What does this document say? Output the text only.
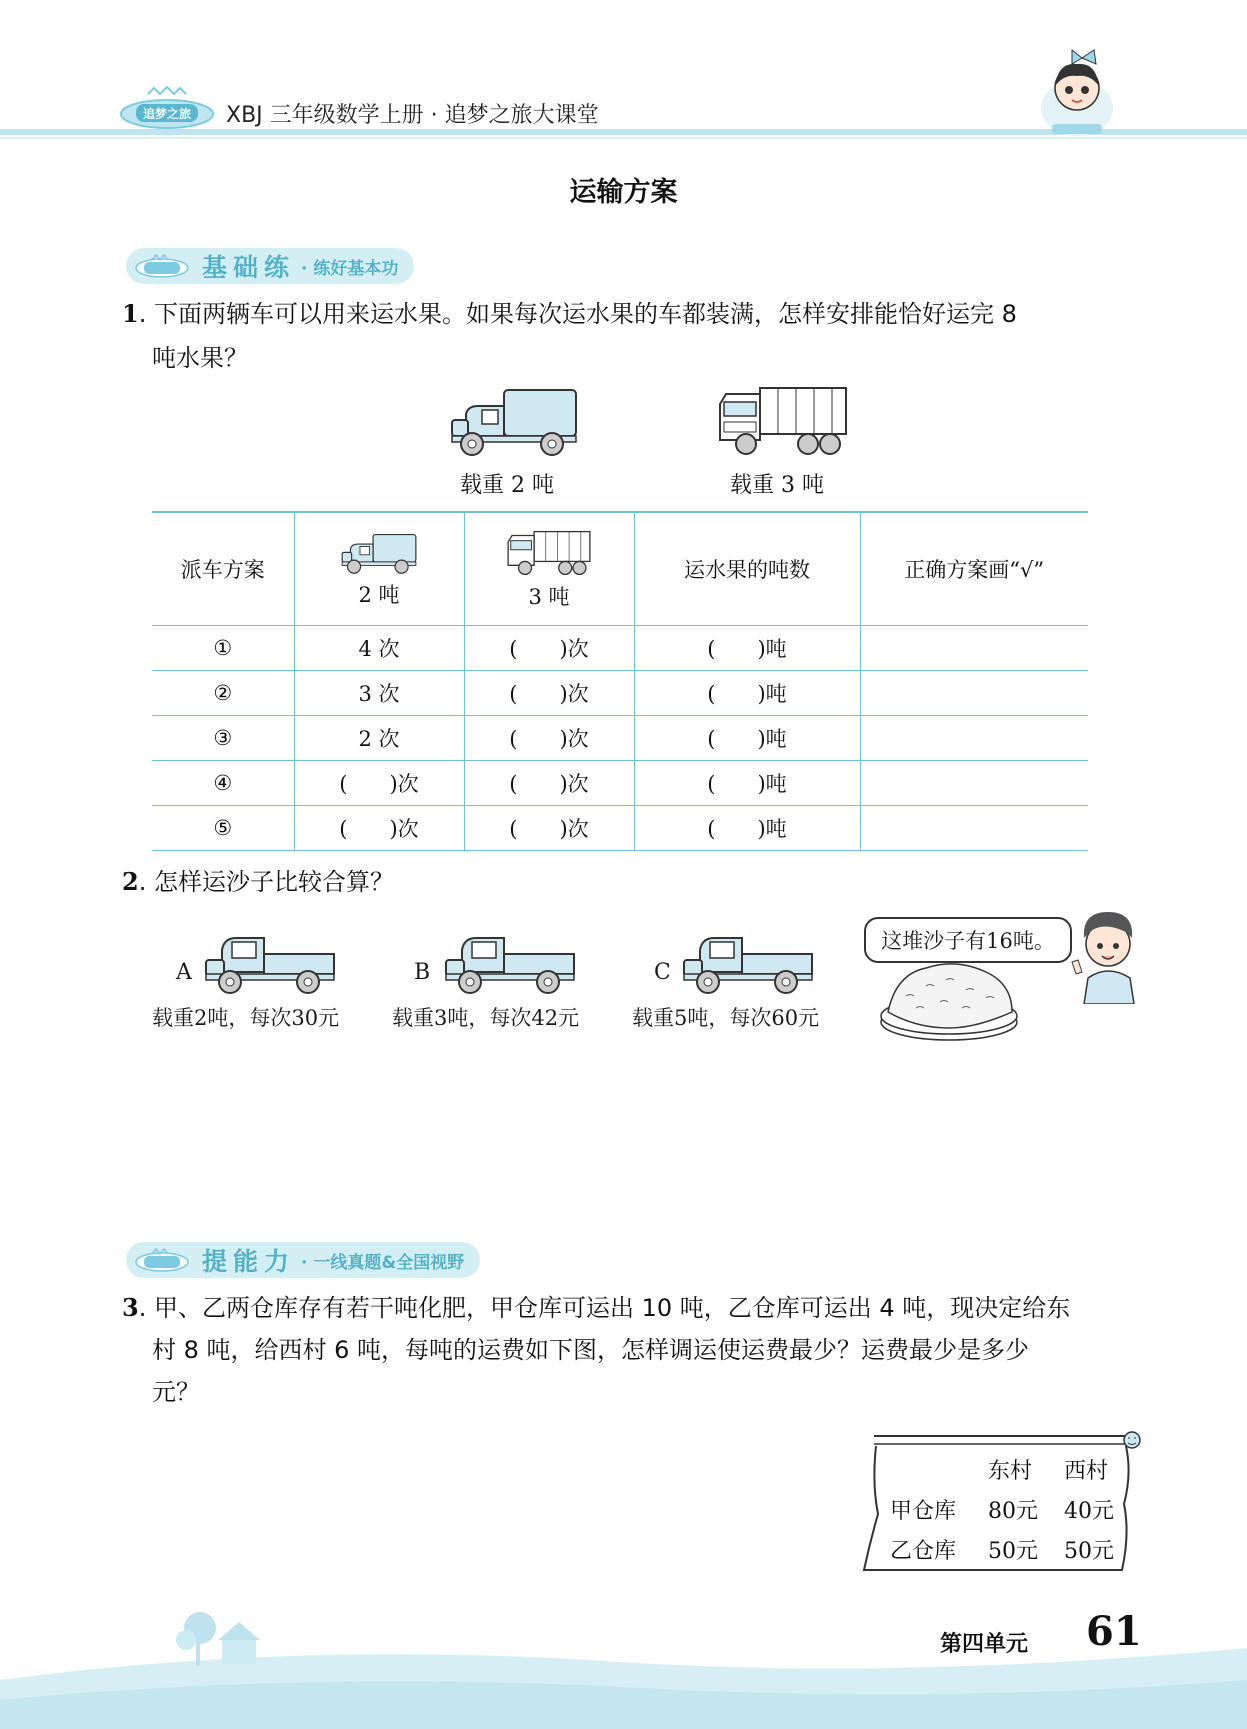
追梦之旅 XBJ 三年级数学上册 · 追梦之旅大课堂
运输方案
基础练 · 练好基本功
1. 下面两辆车可以用来运水果。如果每次运水果的车都装满，怎样安排能恰好运完 8
吨水果？
载重 2 吨	载重 3 吨
派车方案	2 吨	3 吨	运水果的吨数	正确方案画“√”
①	4 次	(　　)次	(　　)吨	
②	3 次	(　　)次	(　　)吨	
③	2 次	(　　)次	(　　)吨	
④	(　　)次	(　　)次	(　　)吨	
⑤	(　　)次	(　　)次	(　　)吨	
2. 怎样运沙子比较合算？
A	B	C
载重2吨，每次30元	载重3吨，每次42元	载重5吨，每次60元
这堆沙子有16吨。
提能力 · 一线真题&全国视野
3. 甲、乙两仓库存有若干吨化肥，甲仓库可运出 10 吨，乙仓库可运出 4 吨，现决定给东
村 8 吨，给西村 6 吨，每吨的运费如下图，怎样调运使运费最少？运费最少是多少
元？
东村 西村
甲仓库 80元 40元
乙仓库 50元 50元
第四单元 61
